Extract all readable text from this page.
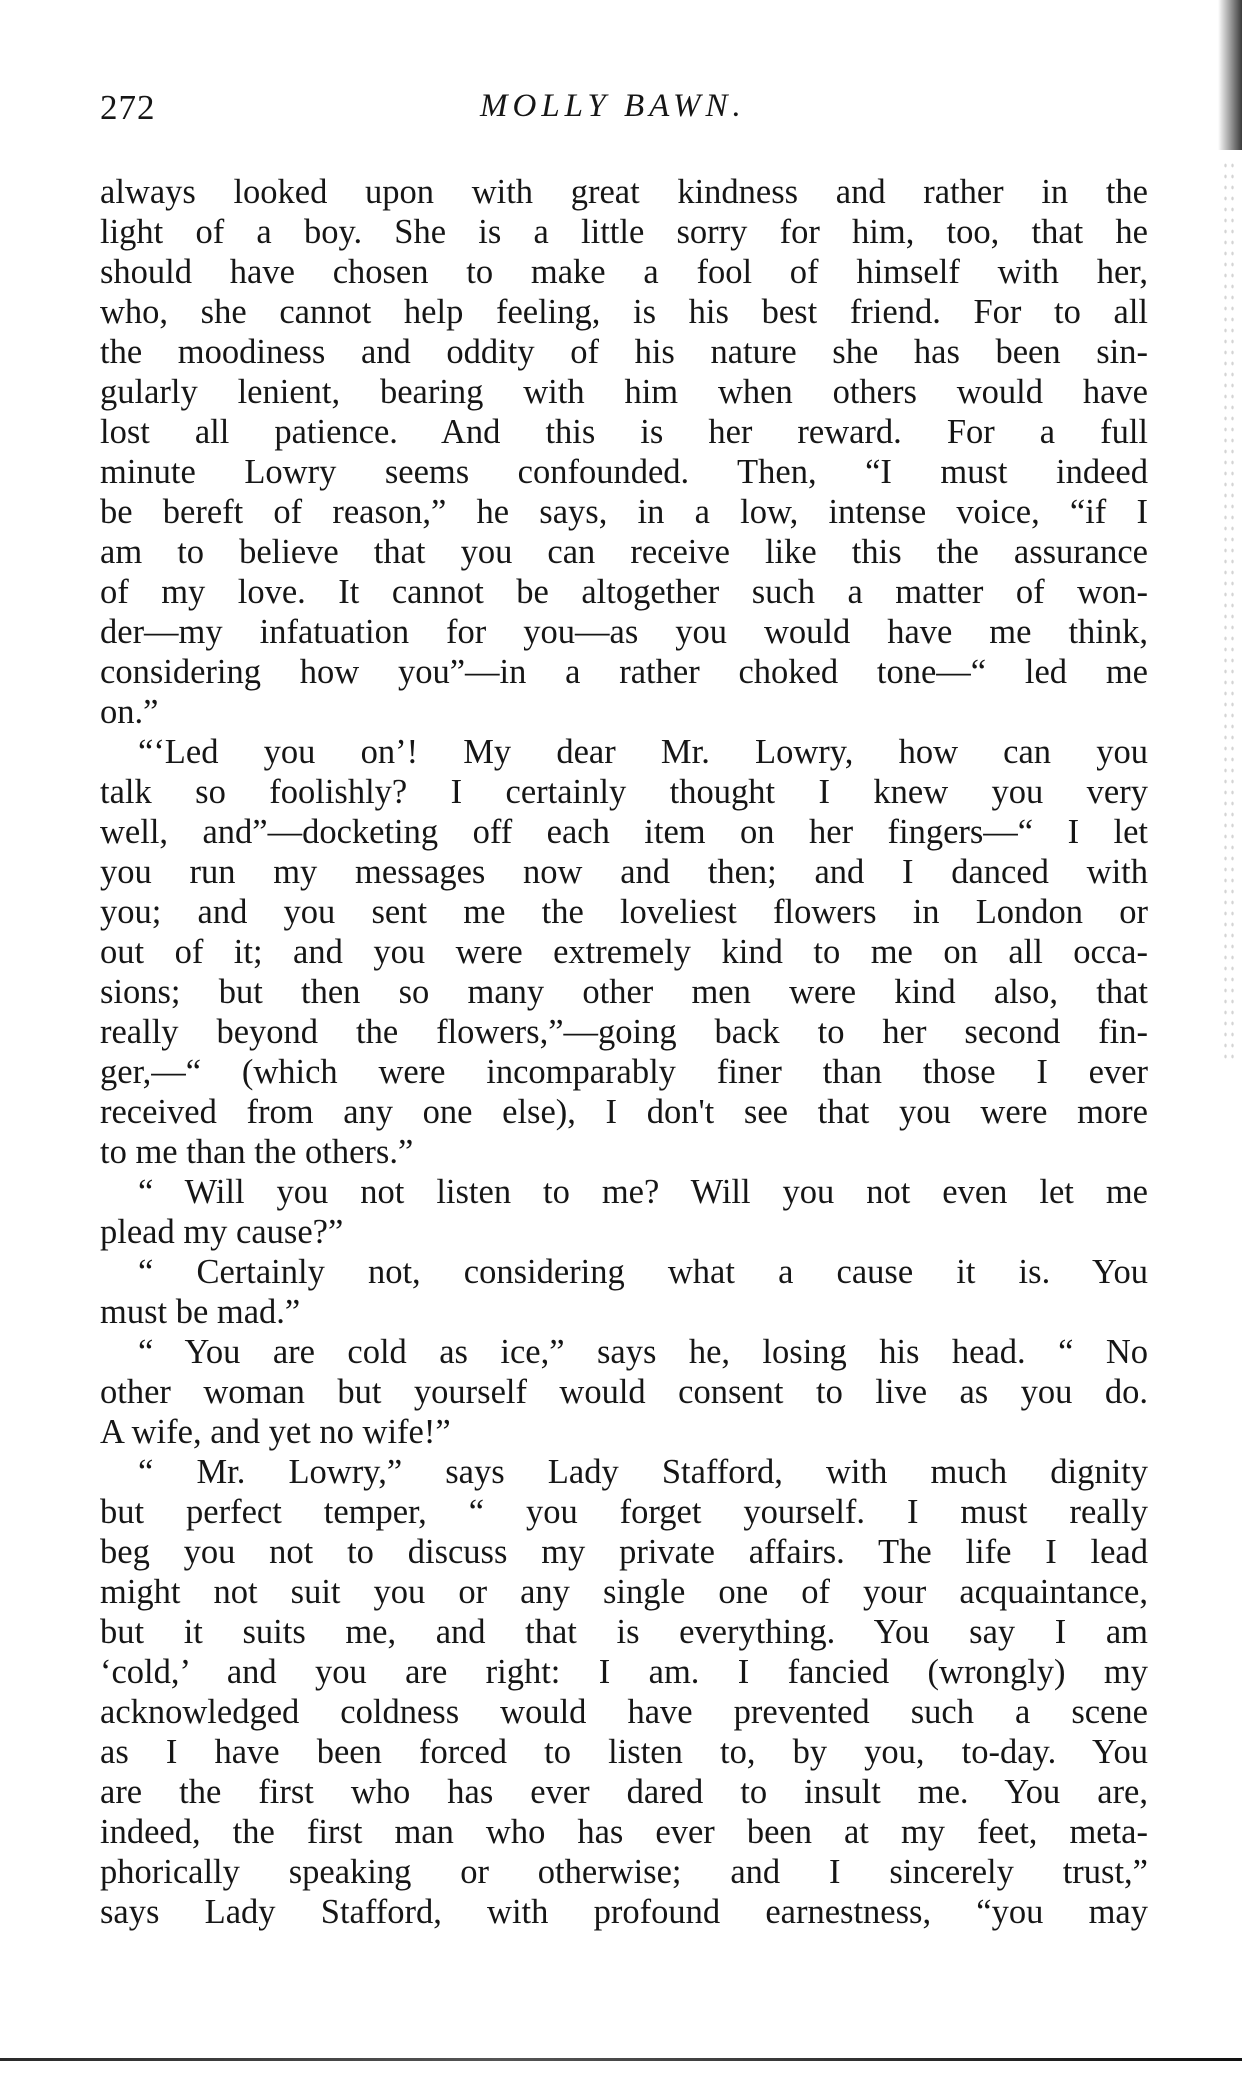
272	MOLLY BAWN.
always looked upon with great kindness and rather in the
light of a boy. She is a little sorry for him, too, that he
should have chosen to make a fool of himself with her,
who, she cannot help feeling, is his best friend. For to all
the moodiness and oddity of his nature she has been sin-
gularly lenient, bearing with him when others would have
lost all patience. And this is her reward. For a full
minute Lowry seems confounded. Then, “I must indeed
be bereft of reason,” he says, in a low, intense voice, “if I
am to believe that you can receive like this the assurance
of my love. It cannot be altogether such a matter of won-
der—my infatuation for you—as you would have me think,
considering how you”—in a rather choked tone—“ led me
on.”
“‘Led you on’! My dear Mr. Lowry, how can you
talk so foolishly? I certainly thought I knew you very
well, and”—docketing off each item on her fingers—“ I let
you run my messages now and then; and I danced with
you; and you sent me the loveliest flowers in London or
out of it; and you were extremely kind to me on all occa-
sions; but then so many other men were kind also, that
really beyond the flowers,”—going back to her second fin-
ger,—“ (which were incomparably finer than those I ever
received from any one else), I don't see that you were more
to me than the others.”
“ Will you not listen to me? Will you not even let me
plead my cause?”
“ Certainly not, considering what a cause it is. You
must be mad.”
“ You are cold as ice,” says he, losing his head. “ No
other woman but yourself would consent to live as you do.
A wife, and yet no wife!”
“ Mr. Lowry,” says Lady Stafford, with much dignity
but perfect temper, “ you forget yourself. I must really
beg you not to discuss my private affairs. The life I lead
might not suit you or any single one of your acquaintance,
but it suits me, and that is everything. You say I am
‘cold,’ and you are right: I am. I fancied (wrongly) my
acknowledged coldness would have prevented such a scene
as I have been forced to listen to, by you, to-day. You
are the first who has ever dared to insult me. You are,
indeed, the first man who has ever been at my feet, meta-
phorically speaking or otherwise; and I sincerely trust,”
says Lady Stafford, with profound earnestness, “you may
